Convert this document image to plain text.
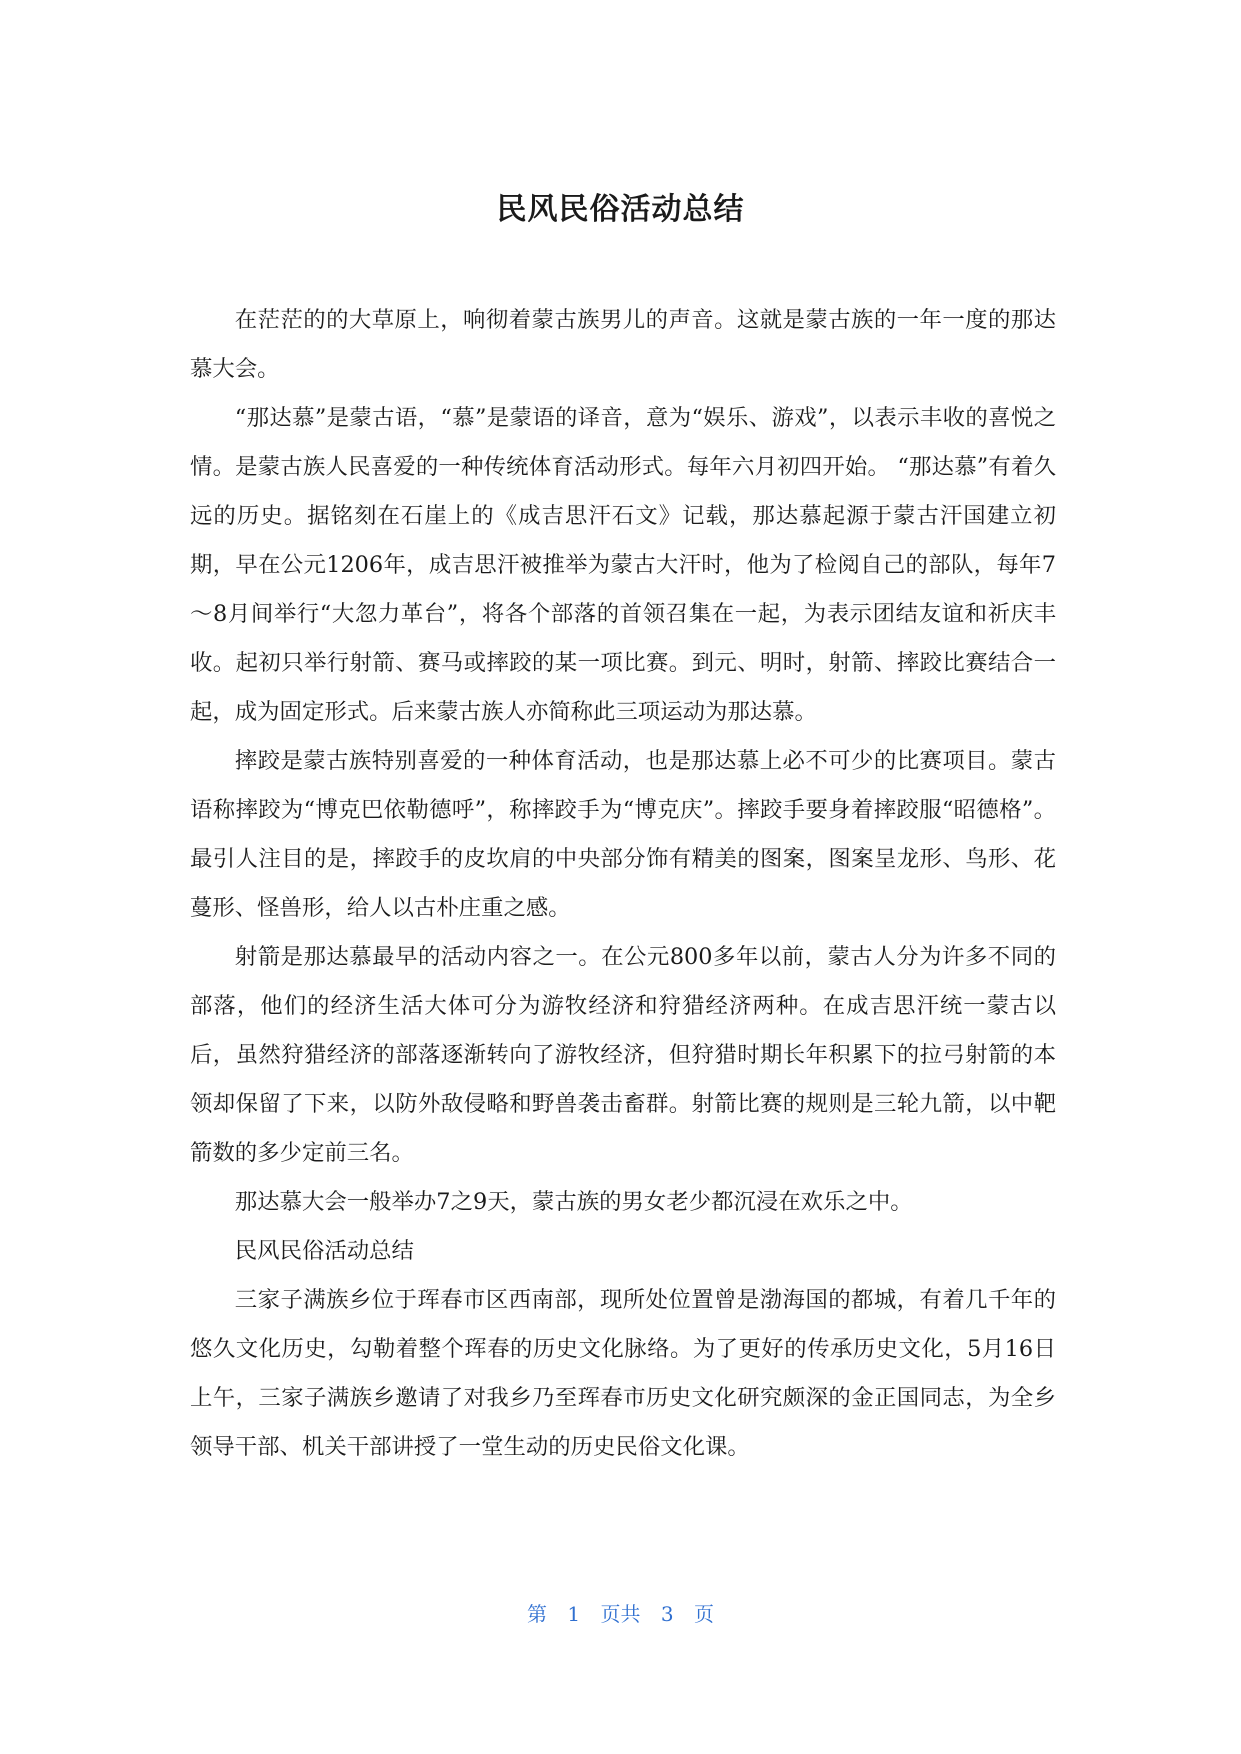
民风民俗活动总结

在茫茫的的大草原上，响彻着蒙古族男儿的声音。这就是蒙古族的一年一度的那达慕大会。

“那达慕”是蒙古语，“慕”是蒙语的译音，意为“娱乐、游戏”，以表示丰收的喜悦之情。是蒙古族人民喜爱的一种传统体育活动形式。每年六月初四开始。 “那达慕”有着久远的历史。据铭刻在石崖上的《成吉思汗石文》记载，那达慕起源于蒙古汗国建立初期，早在公元1206年，成吉思汗被推举为蒙古大汗时，他为了检阅自己的部队，每年7～8月间举行“大忽力革台”，将各个部落的首领召集在一起，为表示团结友谊和祈庆丰收。起初只举行射箭、赛马或摔跤的某一项比赛。到元、明时，射箭、摔跤比赛结合一起，成为固定形式。后来蒙古族人亦简称此三项运动为那达慕。

摔跤是蒙古族特别喜爱的一种体育活动，也是那达慕上必不可少的比赛项目。蒙古语称摔跤为“博克巴依勒德呼”，称摔跤手为“博克庆”。摔跤手要身着摔跤服“昭德格”。最引人注目的是，摔跤手的皮坎肩的中央部分饰有精美的图案，图案呈龙形、鸟形、花蔓形、怪兽形，给人以古朴庄重之感。

射箭是那达慕最早的活动内容之一。在公元800多年以前，蒙古人分为许多不同的部落，他们的经济生活大体可分为游牧经济和狩猎经济两种。在成吉思汗统一蒙古以后，虽然狩猎经济的部落逐渐转向了游牧经济，但狩猎时期长年积累下的拉弓射箭的本领却保留了下来，以防外敌侵略和野兽袭击畜群。射箭比赛的规则是三轮九箭，以中靶箭数的多少定前三名。

那达慕大会一般举办7之9天，蒙古族的男女老少都沉浸在欢乐之中。

民风民俗活动总结

三家子满族乡位于珲春市区西南部，现所处位置曾是渤海国的都城，有着几千年的悠久文化历史，勾勒着整个珲春的历史文化脉络。为了更好的传承历史文化，5月16日上午，三家子满族乡邀请了对我乡乃至珲春市历史文化研究颇深的金正国同志，为全乡领导干部、机关干部讲授了一堂生动的历史民俗文化课。

第 1 页共 3 页
